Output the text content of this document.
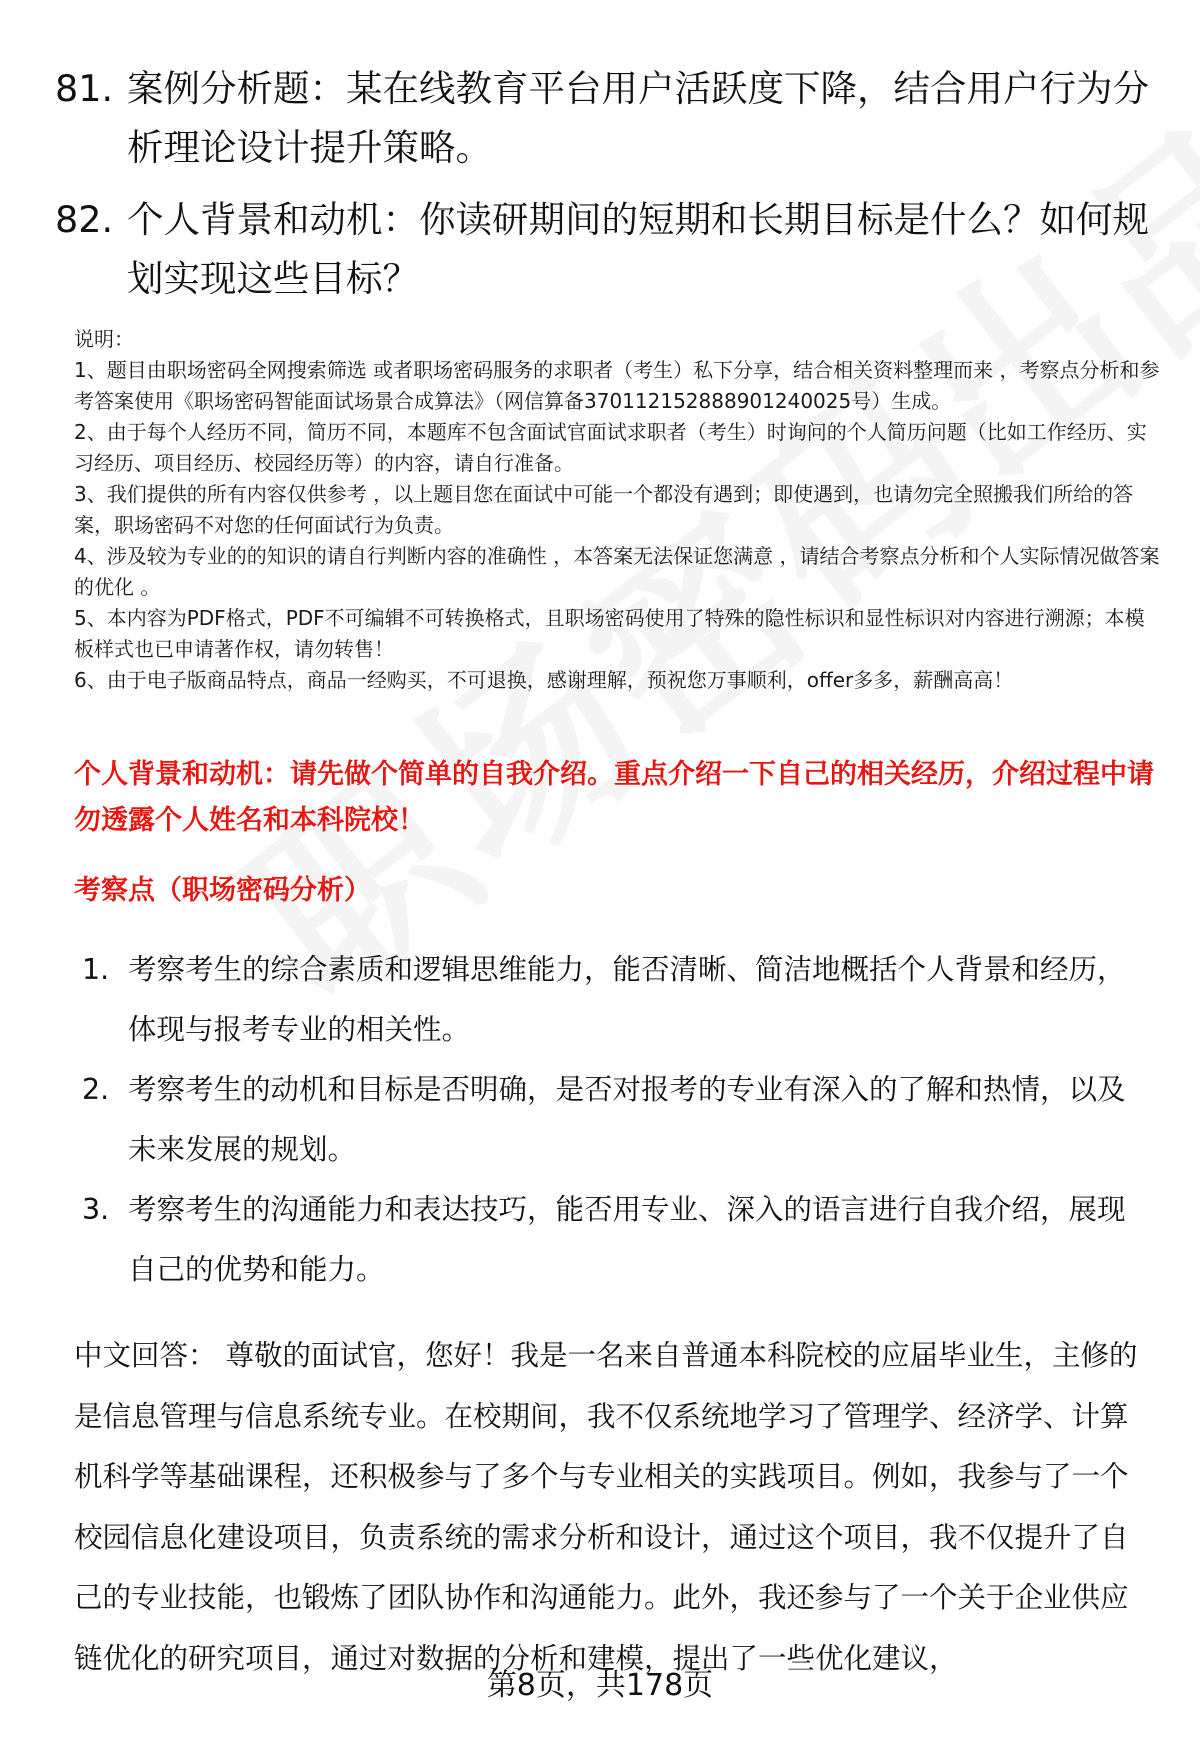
81. 案例分析题：某在线教育平台用户活跃度下降，结合用户行为分析理论设计提升策略。
82. 个人背景和动机：你读研期间的短期和长期目标是什么？如何规划实现这些目标？

说明：

1、题目由职场密码全网搜索筛选 或者职场密码服务的求职者（考生）私下分享，结合相关资料整理而来 ，考察点分析和参考答案使用《职场密码智能面试场景合成算法》（网信算备370112152888901240025号）生成。

2、由于每个人经历不同，简历不同，本题库不包含面试官面试求职者（考生）时询问的个人简历问题（比如工作经历、实习经历、项目经历、校园经历等）的内容，请自行准备。

3、我们提供的所有内容仅供参考 ，以上题目您在面试中可能一个都没有遇到；即使遇到，也请勿完全照搬我们所给的答案，职场密码不对您的任何面试行为负责。

4、涉及较为专业的的知识的请自行判断内容的准确性 ，本答案无法保证您满意 ，请结合考察点分析和个人实际情况做答案的优化 。

5、本内容为PDF格式，PDF不可编辑不可转换格式，且职场密码使用了特殊的隐性标识和显性标识对内容进行溯源；本模板样式也已申请著作权，请勿转售！

6、由于电子版商品特点，商品一经购买，不可退换，感谢理解，预祝您万事顺利，offer多多，薪酬高高！

个人背景和动机：请先做个简单的自我介绍。重点介绍一下自己的相关经历，介绍过程中请勿透露个人姓名和本科院校！
考察点（职场密码分析）
1. 考察考生的综合素质和逻辑思维能力，能否清晰、简洁地概括个人背景和经历，体现与报考专业的相关性。
2. 考察考生的动机和目标是否明确，是否对报考的专业有深入的了解和热情，以及未来发展的规划。
3. 考察考生的沟通能力和表达技巧，能否用专业、深入的语言进行自我介绍，展现自己的优势和能力。

中文回答： 尊敬的面试官，您好！我是一名来自普通本科院校的应届毕业生，主修的是信息管理与信息系统专业。在校期间，我不仅系统地学习了管理学、经济学、计算机科学等基础课程，还积极参与了多个与专业相关的实践项目。例如，我参与了一个校园信息化建设项目，负责系统的需求分析和设计，通过这个项目，我不仅提升了自己的专业技能，也锻炼了团队协作和沟通能力。此外，我还参与了一个关于企业供应链优化的研究项目，通过对数据的分析和建模，提出了一些优化建议，

第8页，共178页
